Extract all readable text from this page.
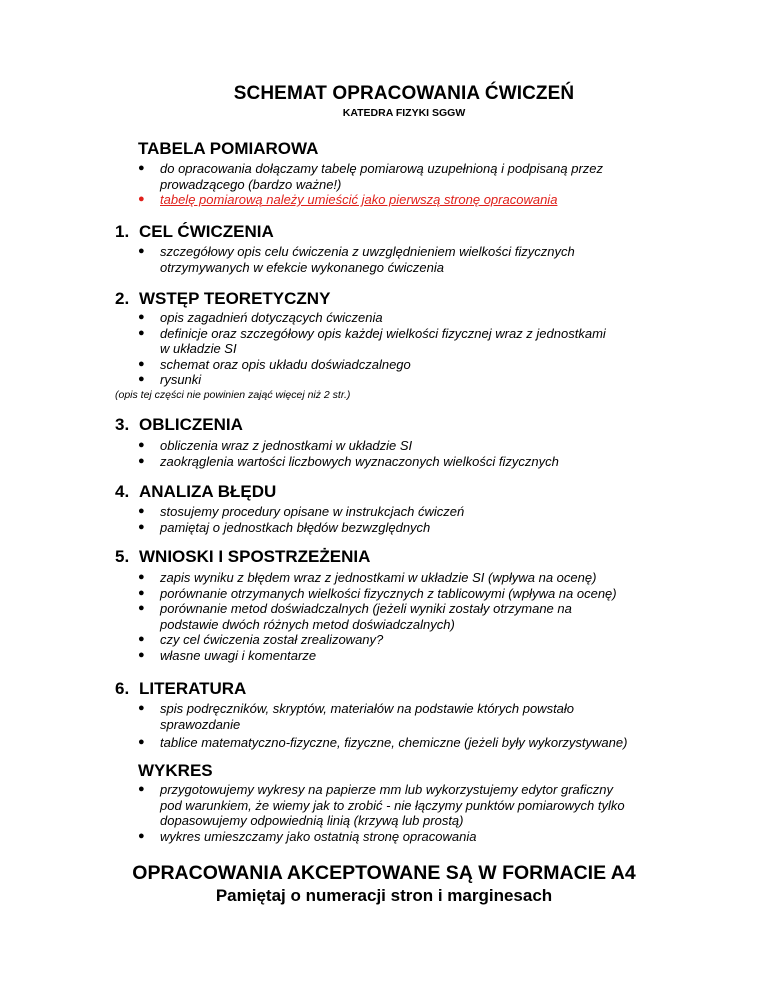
SCHEMAT OPRACOWANIA ĆWICZEŃ
KATEDRA FIZYKI SGGW
TABELA POMIAROWA
● do opracowania dołączamy tabelę pomiarową uzupełnioną i podpisaną przez
prowadzącego (bardzo ważne!)
● tabelę pomiarową należy umieścić jako pierwszą stronę opracowania
1. CEL ĆWICZENIA
● szczegółowy opis celu ćwiczenia z uwzględnieniem wielkości fizycznych
otrzymywanych w efekcie wykonanego ćwiczenia
2. WSTĘP TEORETYCZNY
● opis zagadnień dotyczących ćwiczenia
● definicje oraz szczegółowy opis każdej wielkości fizycznej wraz z jednostkami
w układzie SI
● schemat oraz opis układu doświadczalnego
● rysunki
(opis tej części nie powinien zająć więcej niż 2 str.)
3. OBLICZENIA
● obliczenia wraz z jednostkami w układzie SI
● zaokrąglenia wartości liczbowych wyznaczonych wielkości fizycznych
4. ANALIZA BŁĘDU
● stosujemy procedury opisane w instrukcjach ćwiczeń
● pamiętaj o jednostkach błędów bezwzględnych
5. WNIOSKI I SPOSTRZEŻENIA
● zapis wyniku z błędem wraz z jednostkami w układzie SI (wpływa na ocenę)
● porównanie otrzymanych wielkości fizycznych z tablicowymi (wpływa na ocenę)
● porównanie metod doświadczalnych (jeżeli wyniki zostały otrzymane na
podstawie dwóch różnych metod doświadczalnych)
● czy cel ćwiczenia został zrealizowany?
● własne uwagi i komentarze
6. LITERATURA
● spis podręczników, skryptów, materiałów na podstawie których powstało
sprawozdanie
● tablice matematyczno-fizyczne, fizyczne, chemiczne (jeżeli były wykorzystywane)
WYKRES
● przygotowujemy wykresy na papierze mm lub wykorzystujemy edytor graficzny
pod warunkiem, że wiemy jak to zrobić - nie łączymy punktów pomiarowych tylko
dopasowujemy odpowiednią linią (krzywą lub prostą)
● wykres umieszczamy jako ostatnią stronę opracowania
OPRACOWANIA AKCEPTOWANE SĄ W FORMACIE A4
Pamiętaj o numeracji stron i marginesach
